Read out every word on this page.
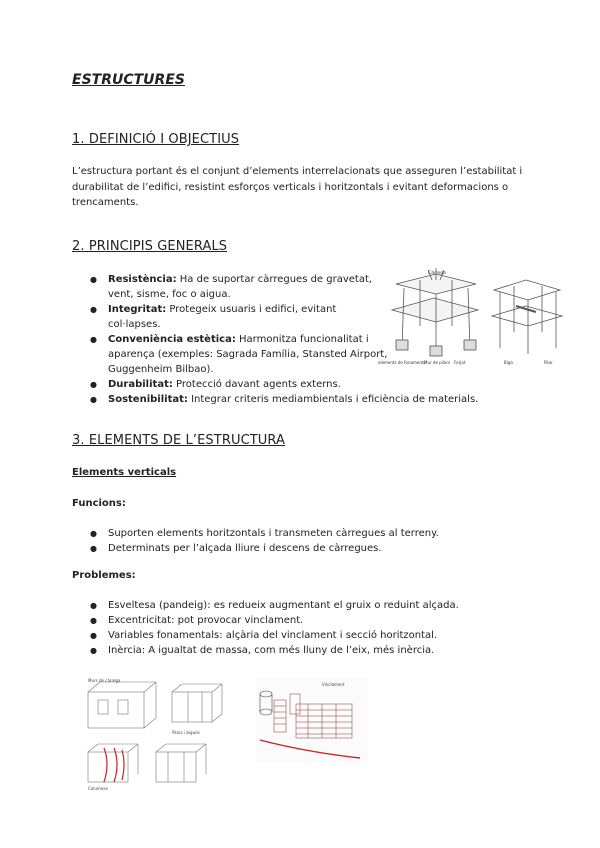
ESTRUCTURES
1. DEFINICIÓ I OBJECTIUS

L’estructura portant és el conjunt d’elements interrelacionats que asseguren l’estabilitat i durabilitat de l’edifici, resistint esforços verticals i horitzontals i evitant deformacions o trencaments.

2. PRINCIPIS GENERALS
● Resistència: Ha de suportar càrregues de gravetat, vent, sisme, foc o aigua.
● Integritat: Protegeix usuaris i edifici, evitant col·lapses.
● Conveniència estètica: Harmonitza funcionalitat i aparença (exemples: Sagrada Família, Stansted Airport, Guggenheim Bilbao).
● Durabilitat: Protecció davant agents externs.
● Sostenibilitat: Integrar criteris mediambientals i eficiència de materials.
Càrrega
elements de fonaments
Mur de pilars Forjat	Biga	Pilar
3. ELEMENTS DE L’ESTRUCTURA

Elements verticals

Funcions:

● Suporten elements horitzontals i transmeten càrregues al terreny.
● Determinats per l’alçada lliure i descens de càrregues.

Problemes:

● Esveltesa (pandeig): es redueix augmentant el gruix o reduint alçada.
● Excentricitat: pot provocar vinclament.
● Variables fonamentals: alçària del vinclament i secció horitzontal.
● Inèrcia: A igualtat de massa, com més lluny de l’eix, més inèrcia.
Murs de càrrega
Pilars i bigues
Columnes
Vinclament
